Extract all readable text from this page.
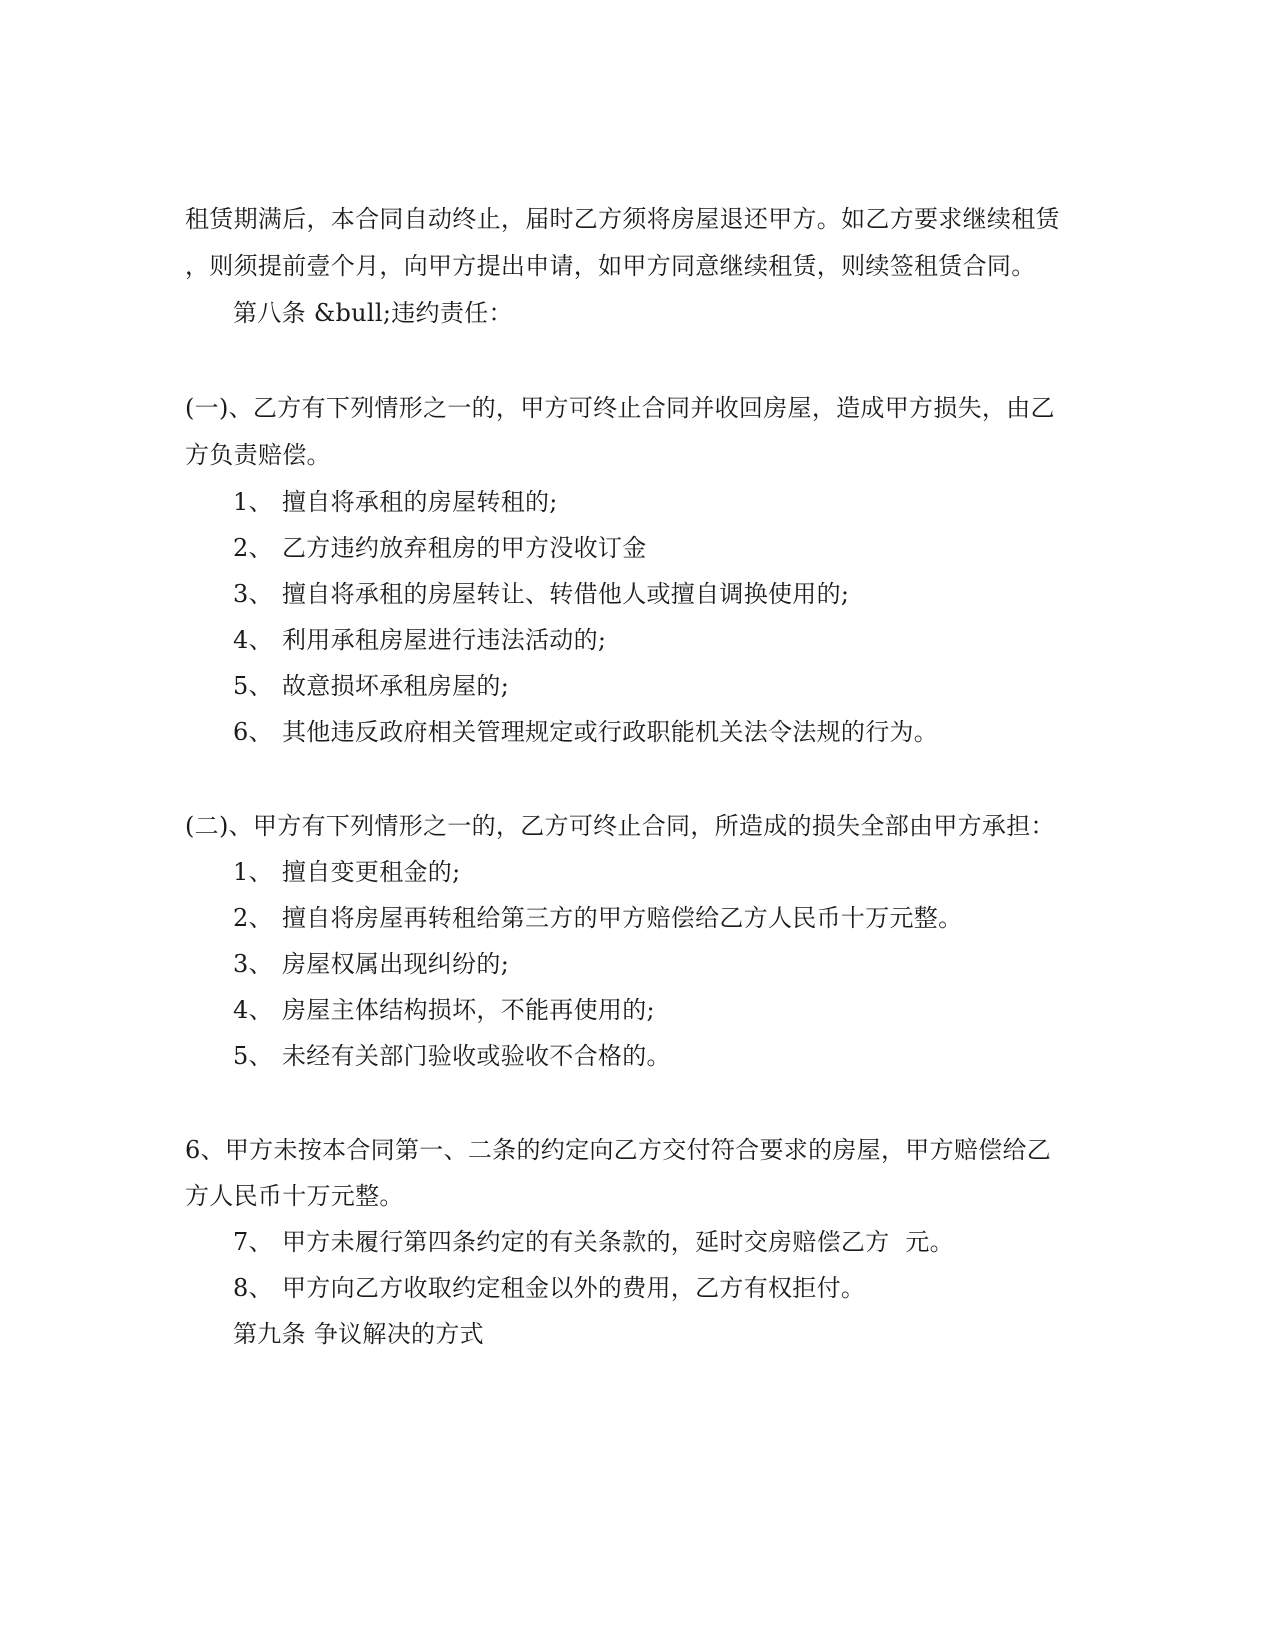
租赁期满后，本合同自动终止，届时乙方须将房屋退还甲方。如乙方要求继续租赁
，则须提前壹个月，向甲方提出申请，如甲方同意继续租赁，则续签租赁合同。
第八条 &bull;违约责任：
(一)、乙方有下列情形之一的，甲方可终止合同并收回房屋，造成甲方损失，由乙
方负责赔偿。
1、 擅自将承租的房屋转租的;
2、 乙方违约放弃租房的甲方没收订金
3、 擅自将承租的房屋转让、转借他人或擅自调换使用的;
4、 利用承租房屋进行违法活动的;
5、 故意损坏承租房屋的;
6、 其他违反政府相关管理规定或行政职能机关法令法规的行为。
(二)、甲方有下列情形之一的，乙方可终止合同，所造成的损失全部由甲方承担：
1、 擅自变更租金的;
2、 擅自将房屋再转租给第三方的甲方赔偿给乙方人民币十万元整。
3、 房屋权属出现纠纷的;
4、 房屋主体结构损坏，不能再使用的;
5、 未经有关部门验收或验收不合格的。
6、甲方未按本合同第一、二条的约定向乙方交付符合要求的房屋，甲方赔偿给乙
方人民币十万元整。
7、 甲方未履行第四条约定的有关条款的，延时交房赔偿乙方  元。
8、 甲方向乙方收取约定租金以外的费用，乙方有权拒付。
第九条 争议解决的方式
